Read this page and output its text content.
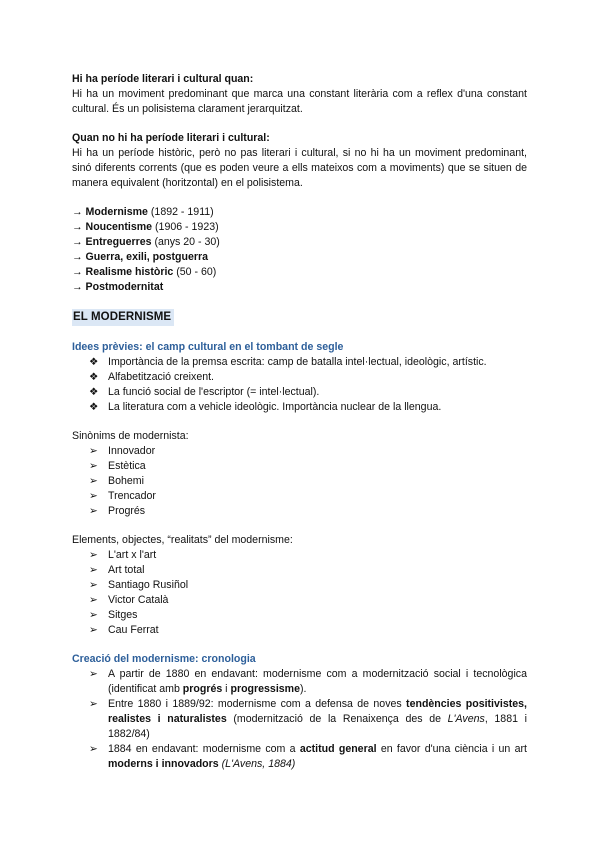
Hi ha període literari i cultural quan:

Hi ha un moviment predominant que marca una constant literària com a reflex d'una constant cultural. És un polisistema clarament jerarquitzat.

Quan no hi ha període literari i cultural:

Hi ha un període històric, però no pas literari i cultural, si no hi ha un moviment predominant, sinó diferents corrents (que es poden veure a ells mateixos com a moviments) que se situen de manera equivalent (horitzontal) en el polisistema.

→ Modernisme (1892 - 1911)

→ Noucentisme (1906 - 1923)

→ Entreguerres (anys 20 - 30)

→ Guerra, exili, postguerra

→ Realisme històric (50 - 60)

→ Postmodernitat

EL MODERNISME

Idees prèvies: el camp cultural en el tombant de segle

❖ Importància de la premsa escrita: camp de batalla intel·lectual, ideològic, artístic.
❖ Alfabetització creixent.
❖ La funció social de l'escriptor (= intel·lectual).
❖ La literatura com a vehicle ideològic. Importància nuclear de la llengua.

Sinònims de modernista:

➢ Innovador
➢ Estètica
➢ Bohemi
➢ Trencador
➢ Progrés

Elements, objectes, “realitats” del modernisme:

➢ L'art x l'art
➢ Art total
➢ Santiago Rusiñol
➢ Victor Català
➢ Sitges
➢ Cau Ferrat

Creació del modernisme: cronologia

➢ A partir de 1880 en endavant: modernisme com a modernització social i tecnològica (identificat amb progrés i progressisme).
➢ Entre 1880 i 1889/92: modernisme com a defensa de noves tendències positivistes, realistes i naturalistes (modernització de la Renaixença des de L'Avens, 1881 i 1882/84)
➢ 1884 en endavant: modernisme com a actitud general en favor d'una ciència i un art moderns i innovadors (L'Avens, 1884)
